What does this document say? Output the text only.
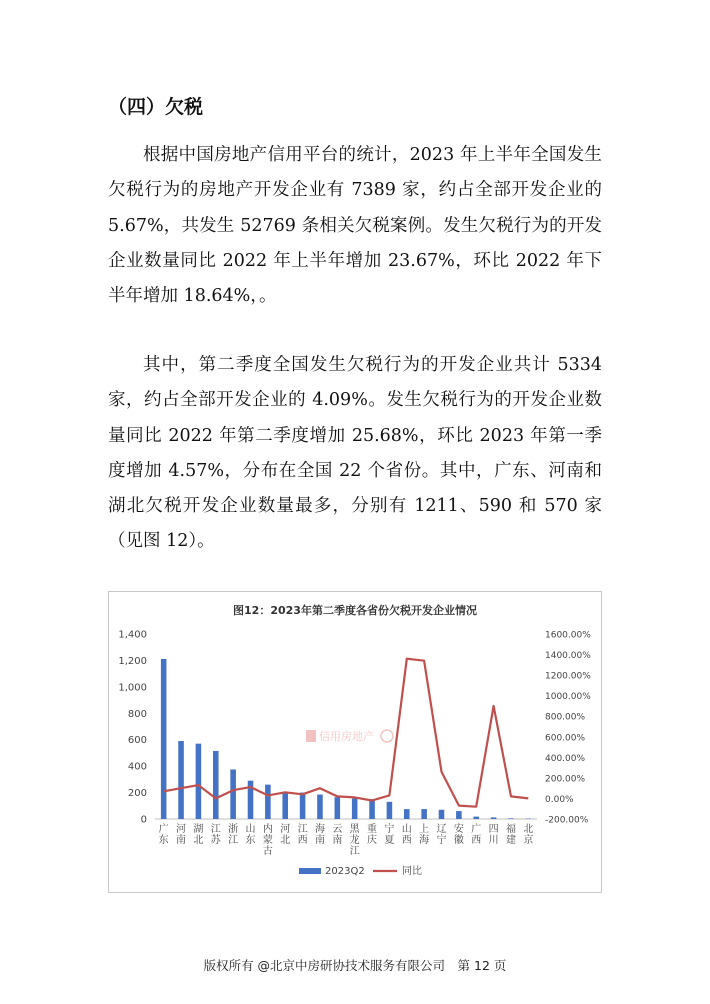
（四）欠税

根据中国房地产信用平台的统计，2023 年上半年全国发生欠税行为的房地产开发企业有 7389 家，约占全部开发企业的 5.67%，共发生 52769 条相关欠税案例。发生欠税行为的开发企业数量同比 2022 年上半年增加 23.67%，环比 2022 年下半年增加 18.64%，。

其中，第二季度全国发生欠税行为的开发企业共计 5334 家，约占全部开发企业的 4.09%。发生欠税行为的开发企业数量同比 2022 年第二季度增加 25.68%，环比 2023 年第一季度增加 4.57%，分布在全国 22 个省份。其中，广东、河南和湖北欠税开发企业数量最多，分别有 1211、590 和 570 家（见图 12）。

图12：2023年第二季度各省份欠税开发企业情况
信用房地产
0
200
400
600
800
1,000
1,200
1,400
-200.00%
0.00%
200.00%
400.00%
600.00%
800.00%
1000.00%
1200.00%
1400.00%
1600.00%
广东
河南
湖北
江苏
浙江
山东
内蒙古
河北
江西
海南
云南
黑龙江
重庆
宁夏
山西
上海
辽宁
安徽
广西
四川
福建
北京
2023Q2	同比
版权所有 @北京中房研协技术服务有限公司　第 12 页
